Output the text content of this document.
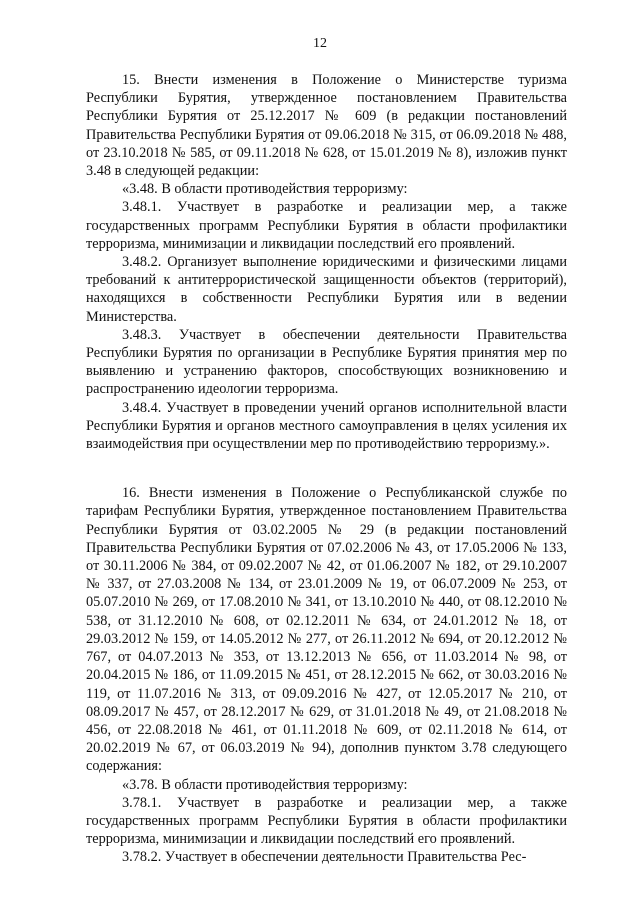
12

15. Внести изменения в Положение о Министерстве туризма Республики Бурятия, утвержденное постановлением Правительства Республики Бурятия от 25.12.2017 № 609 (в редакции постановлений Правительства Республики Бурятия от 09.06.2018 № 315, от 06.09.2018 № 488, от 23.10.2018 № 585, от 09.11.2018 № 628, от 15.01.2019 № 8), изложив пункт 3.48 в следующей редакции:

«3.48. В области противодействия терроризму:

3.48.1. Участвует в разработке и реализации мер, а также государственных программ Республики Бурятия в области профилактики терроризма, минимизации и ликвидации последствий его проявлений.

3.48.2. Организует выполнение юридическими и физическими лицами требований к антитеррористической защищенности объектов (территорий), находящихся в собственности Республики Бурятия или в ведении Министерства.

3.48.3. Участвует в обеспечении деятельности Правительства Республики Бурятия по организации в Республике Бурятия принятия мер по выявлению и устранению факторов, способствующих возникновению и распространению идеологии терроризма.

3.48.4. Участвует в проведении учений органов исполнительной власти Республики Бурятия и органов местного самоуправления в целях усиления их взаимодействия при осуществлении мер по противодействию терроризму.».

16. Внести изменения в Положение о Республиканской службе по тарифам Республики Бурятия, утвержденное постановлением Правительства Республики Бурятия от 03.02.2005 № 29 (в редакции постановлений Правительства Республики Бурятия от 07.02.2006 № 43, от 17.05.2006 № 133, от 30.11.2006 № 384, от 09.02.2007 № 42, от 01.06.2007 № 182, от 29.10.2007 № 337, от 27.03.2008 № 134, от 23.01.2009 № 19, от 06.07.2009 № 253, от 05.07.2010 № 269, от 17.08.2010 № 341, от 13.10.2010 № 440, от 08.12.2010 № 538, от 31.12.2010 № 608, от 02.12.2011 № 634, от 24.01.2012 № 18, от 29.03.2012 № 159, от 14.05.2012 № 277, от 26.11.2012 № 694, от 20.12.2012 № 767, от 04.07.2013 № 353, от 13.12.2013 № 656, от 11.03.2014 № 98, от 20.04.2015 № 186, от 11.09.2015 № 451, от 28.12.2015 № 662, от 30.03.2016 № 119, от 11.07.2016 № 313, от 09.09.2016 № 427, от 12.05.2017 № 210, от 08.09.2017 № 457, от 28.12.2017 № 629, от 31.01.2018 № 49, от 21.08.2018 № 456, от 22.08.2018 № 461, от 01.11.2018 № 609, от 02.11.2018 № 614, от 20.02.2019 № 67, от 06.03.2019 № 94), дополнив пунктом 3.78 следующего содержания:

«3.78. В области противодействия терроризму:

3.78.1. Участвует в разработке и реализации мер, а также государственных программ Республики Бурятия в области профилактики терроризма, минимизации и ликвидации последствий его проявлений.

3.78.2. Участвует в обеспечении деятельности Правительства Рес-
